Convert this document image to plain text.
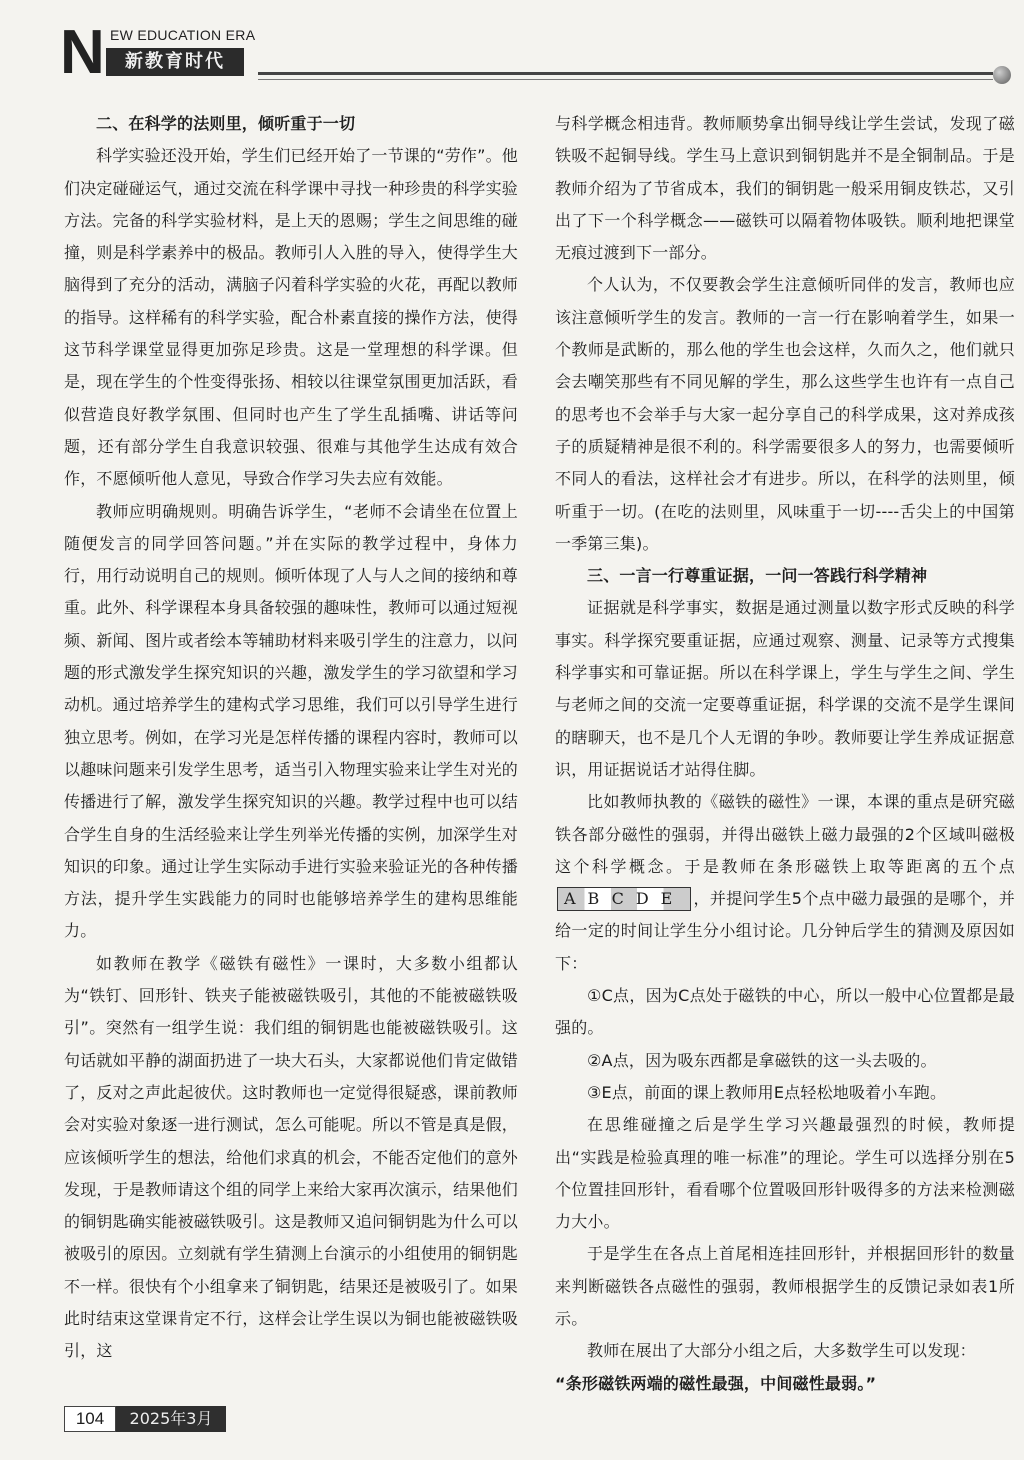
N EW EDUCATION ERA
新教育时代

二、在科学的法则里，倾听重于一切

科学实验还没开始，学生们已经开始了一节课的“劳作”。他们决定碰碰运气，通过交流在科学课中寻找一种珍贵的科学实验方法。完备的科学实验材料，是上天的恩赐；学生之间思维的碰撞，则是科学素养中的极品。教师引人入胜的导入，使得学生大脑得到了充分的活动，满脑子闪着科学实验的火花，再配以教师的指导。这样稀有的科学实验，配合朴素直接的操作方法，使得这节科学课堂显得更加弥足珍贵。这是一堂理想的科学课。但是，现在学生的个性变得张扬、相较以往课堂氛围更加活跃，看似营造良好教学氛围、但同时也产生了学生乱插嘴、讲话等问题，还有部分学生自我意识较强、很难与其他学生达成有效合作，不愿倾听他人意见，导致合作学习失去应有效能。

教师应明确规则。明确告诉学生，“老师不会请坐在位置上随便发言的同学回答问题。”并在实际的教学过程中，身体力行，用行动说明自己的规则。倾听体现了人与人之间的接纳和尊重。此外、科学课程本身具备较强的趣味性，教师可以通过短视频、新闻、图片或者绘本等辅助材料来吸引学生的注意力，以问题的形式激发学生探究知识的兴趣，激发学生的学习欲望和学习动机。通过培养学生的建构式学习思维，我们可以引导学生进行独立思考。例如，在学习光是怎样传播的课程内容时，教师可以以趣味问题来引发学生思考，适当引入物理实验来让学生对光的传播进行了解，激发学生探究知识的兴趣。教学过程中也可以结合学生自身的生活经验来让学生列举光传播的实例，加深学生对知识的印象。通过让学生实际动手进行实验来验证光的各种传播方法，提升学生实践能力的同时也能够培养学生的建构思维能力。

如教师在教学《磁铁有磁性》一课时，大多数小组都认为“铁钉、回形针、铁夹子能被磁铁吸引，其他的不能被磁铁吸引”。突然有一组学生说：我们组的铜钥匙也能被磁铁吸引。这句话就如平静的湖面扔进了一块大石头，大家都说他们肯定做错了，反对之声此起彼伏。这时教师也一定觉得很疑惑，课前教师会对实验对象逐一进行测试，怎么可能呢。所以不管是真是假，应该倾听学生的想法，给他们求真的机会，不能否定他们的意外发现，于是教师请这个组的同学上来给大家再次演示，结果他们的铜钥匙确实能被磁铁吸引。这是教师又追问铜钥匙为什么可以被吸引的原因。立刻就有学生猜测上台演示的小组使用的铜钥匙不一样。很快有个小组拿来了铜钥匙，结果还是被吸引了。如果此时结束这堂课肯定不行，这样会让学生误以为铜也能被磁铁吸引，这

与科学概念相违背。教师顺势拿出铜导线让学生尝试，发现了磁铁吸不起铜导线。学生马上意识到铜钥匙并不是全铜制品。于是教师介绍为了节省成本，我们的铜钥匙一般采用铜皮铁芯，又引出了下一个科学概念——磁铁可以隔着物体吸铁。顺利地把课堂无痕过渡到下一部分。

个人认为，不仅要教会学生注意倾听同伴的发言，教师也应该注意倾听学生的发言。教师的一言一行在影响着学生，如果一个教师是武断的，那么他的学生也会这样，久而久之，他们就只会去嘲笑那些有不同见解的学生，那么这些学生也许有一点自己的思考也不会举手与大家一起分享自己的科学成果，这对养成孩子的质疑精神是很不利的。科学需要很多人的努力，也需要倾听不同人的看法，这样社会才有进步。所以，在科学的法则里，倾听重于一切。(在吃的法则里，风味重于一切----舌尖上的中国第一季第三集)。

三、一言一行尊重证据，一问一答践行科学精神

证据就是科学事实，数据是通过测量以数字形式反映的科学事实。科学探究要重证据，应通过观察、测量、记录等方式搜集科学事实和可靠证据。所以在科学课上，学生与学生之间、学生与老师之间的交流一定要尊重证据，科学课的交流不是学生课间的瞎聊天，也不是几个人无谓的争吵。教师要让学生养成证据意识，用证据说话才站得住脚。

比如教师执教的《磁铁的磁性》一课，本课的重点是研究磁铁各部分磁性的强弱，并得出磁铁上磁力最强的2个区域叫磁极这个科学概念。于是教师在条形磁铁上取等距离的五个点ABCDE ，并提问学生5个点中磁力最强的是哪个，并给一定的时间让学生分小组讨论。几分钟后学生的猜测及原因如下：

①C点，因为C点处于磁铁的中心，所以一般中心位置都是最强的。

②A点，因为吸东西都是拿磁铁的这一头去吸的。

③E点，前面的课上教师用E点轻松地吸着小车跑。

在思维碰撞之后是学生学习兴趣最强烈的时候，教师提出“实践是检验真理的唯一标准”的理论。学生可以选择分别在5个位置挂回形针，看看哪个位置吸回形针吸得多的方法来检测磁力大小。

于是学生在各点上首尾相连挂回形针，并根据回形针的数量来判断磁铁各点磁性的强弱，教师根据学生的反馈记录如表1所示。

教师在展出了大部分小组之后，大多数学生可以发现：

“条形磁铁两端的磁性最强，中间磁性最弱。”

104	2025年3月
